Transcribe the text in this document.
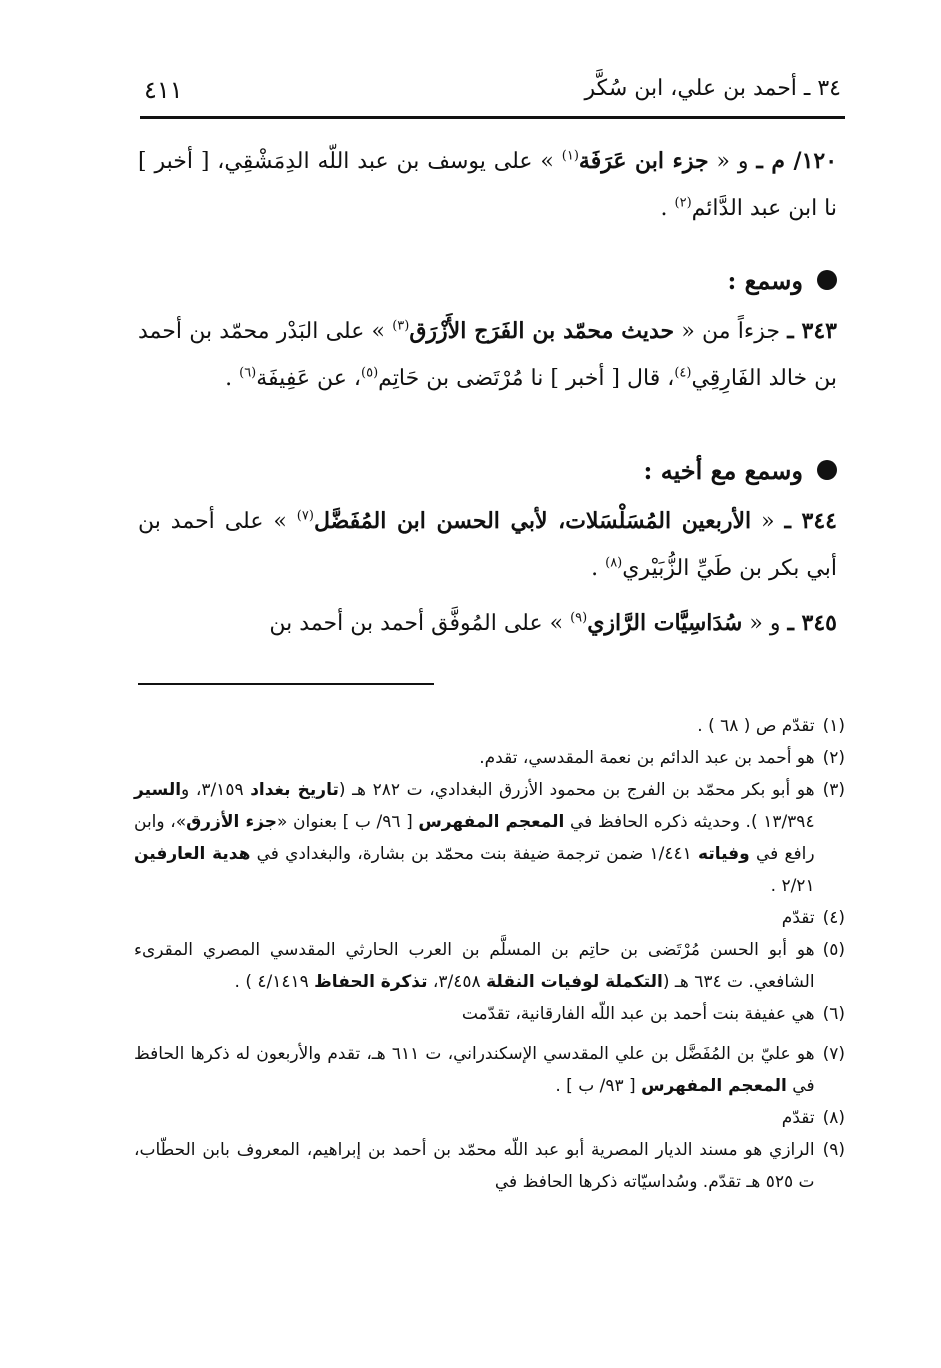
٣٤ ـ أحمد بن علي، ابن سُكَّر
٤١١

١٢٠/ م ـ و « جزء ابن عَرَفَة$^{(١)}$ » على يوسف بن عبد اللّه الدِمَشْقِي، [ أخبر ] نا ابن عبد الدَّائم$^{(٢)}$ .

وسمع :

٣٤٣ ـ جزءاً من « حديث محمّد بن الفَرَج الأَزْرَق$^{(٣)}$ » على البَدْر محمّد بن أحمد بن خالد الفَارِقِي$^{(٤)}$، قال [ أخبر ] نا مُرْتَضى بن حَاتِم$^{(٥)}$، عن عَفِيفَة$^{(٦)}$ .

وسمع مع أخيه :

٣٤٤ ـ « الأربعين المُسَلْسَلات، لأبي الحسن ابن المُفَضَّل$^{(٧)}$ » على أحمد بن أبي بكر بن طَيِّ الزُّبَيْري$^{(٨)}$ .

٣٤٥ ـ و « سُدَاسِيَّات الرَّازي$^{(٩)}$ » على المُوفَّق أحمد بن أحمد بن

(١)
تقدّم ص ( ٦٨ ) .

(٢)
هو أحمد بن عبد الدائم بن نعمة المقدسي، تقدم.

(٣)
هو أبو بكر محمّد بن الفرج بن محمود الأزرق البغدادي، ت ٢٨٢ هـ (تاريخ بغداد ٣/١٥٩، والسير ١٣/٣٩٤ ). وحديثه ذكره الحافظ في المعجم المفهرس [ ٩٦/ ب ] بعنوان «جزء الأزرق»، وابن رافع في وفياته ١/٤٤١ ضمن ترجمة ضيفة بنت محمّد بن بشارة، والبغدادي في هدية العارفين ٢/٢١ .

(٤)
تقدّم

(٥)
هو أبو الحسن مُرْتَضى بن حاتِم بن المسلَّم بن العرب الحارثي المقدسي المصري المقرىء الشافعي. ت ٦٣٤ هـ (التكملة لوفيات النقلة ٣/٤٥٨، تذكرة الحفاظ ٤/١٤١٩ ) .

(٦)
هي عفيفة بنت أحمد بن عبد اللّه الفارقانية، تقدّمت

(٧)
هو عليّ بن المُفَضَّل بن علي المقدسي الإسكندراني، ت ٦١١ هـ، تقدم والأربعون له ذكرها الحافظ في المعجم المفهرس [ ٩٣/ ب ] .

(٨)
تقدّم

(٩)
الرازي هو مسند الديار المصرية أبو عبد اللّه محمّد بن أحمد بن إبراهيم، المعروف بابن الحطّاب، ت ٥٢٥ هـ تقدّم. وسُداسيّاته ذكرها الحافظ في
